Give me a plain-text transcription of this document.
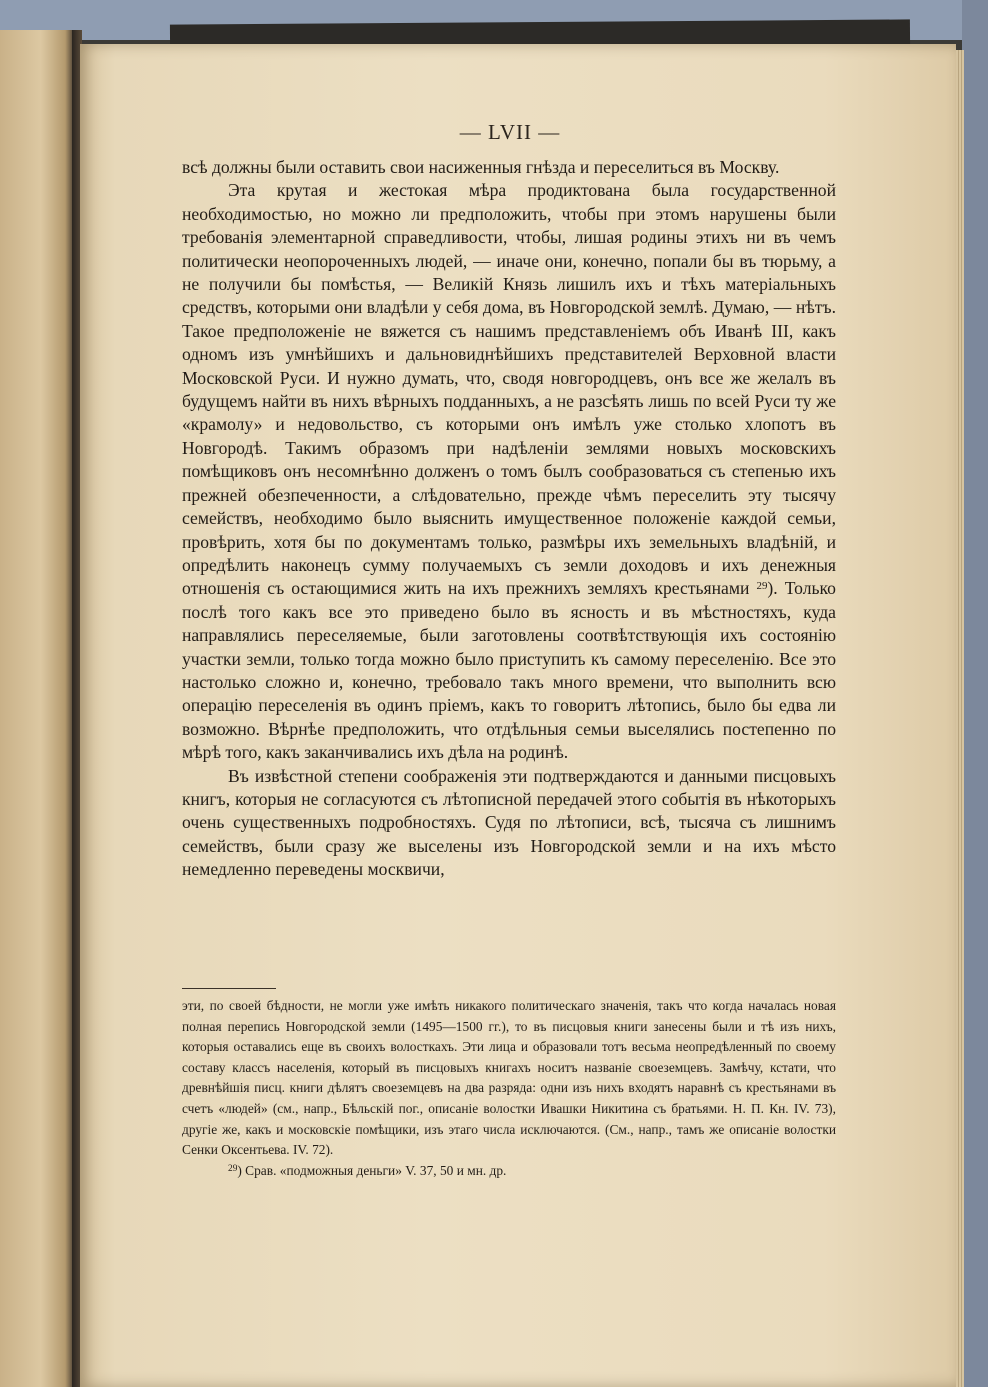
— LVII —

всѣ должны были оставить свои насиженныя гнѣзда и переселиться въ Москву.

Эта крутая и жестокая мѣра продиктована была государственной необходимостью, но можно ли предположить, чтобы при этомъ нарушены были требованія элементарной справедливости, чтобы, лишая родины этихъ ни въ чемъ политически неопороченныхъ людей, — иначе они, конечно, попали бы въ тюрьму, а не получили бы помѣстья, — Великій Князь лишилъ ихъ и тѣхъ матеріальныхъ средствъ, которыми они владѣли у себя дома, въ Новгородской землѣ. Думаю, — нѣтъ. Такое предположеніе не вяжется съ нашимъ представленіемъ объ Иванѣ III, какъ одномъ изъ умнѣйшихъ и дальновиднѣйшихъ представителей Верховной власти Московской Руси. И нужно думать, что, сводя новгородцевъ, онъ все же желалъ въ будущемъ найти въ нихъ вѣрныхъ подданныхъ, а не разсѣять лишь по всей Руси ту же «крамолу» и недовольство, съ которыми онъ имѣлъ уже столько хлопотъ въ Новгородѣ. Такимъ образомъ при надѣленіи землями новыхъ московскихъ помѣщиковъ онъ несомнѣнно долженъ о томъ былъ сообразоваться съ степенью ихъ прежней обезпеченности, а слѣдовательно, прежде чѣмъ переселить эту тысячу семействъ, необходимо было выяснить имущественное положеніе каждой семьи, провѣрить, хотя бы по документамъ только, размѣры ихъ земельныхъ владѣній, и опредѣлить наконецъ сумму получаемыхъ съ земли доходовъ и ихъ денежныя отношенія съ остающимися жить на ихъ прежнихъ земляхъ крестьянами $^{29}$). Только послѣ того какъ все это приведено было въ ясность и въ мѣстностяхъ, куда направлялись переселяемые, были заготовлены соотвѣтствующія ихъ состоянію участки земли, только тогда можно было приступить къ самому переселенію. Все это настолько сложно и, конечно, требовало такъ много времени, что выполнить всю операцію переселенія въ одинъ пріемъ, какъ то говоритъ лѣтопись, было бы едва ли возможно. Вѣрнѣе предположить, что отдѣльныя семьи выселялись постепенно по мѣрѣ того, какъ заканчивались ихъ дѣла на родинѣ.

Въ извѣстной степени соображенія эти подтверждаются и данными писцовыхъ книгъ, которыя не согласуются съ лѣтописной передачей этого событія въ нѣкоторыхъ очень существенныхъ подробностяхъ. Судя по лѣтописи, всѣ, тысяча съ лишнимъ семействъ, были сразу же выселены изъ Новгородской земли и на ихъ мѣсто немедленно переведены москвичи,

эти, по своей бѣдности, не могли уже имѣть никакого политическаго значенія, такъ что когда началась новая полная перепись Новгородской земли (1495—1500 гг.), то въ писцовыя книги занесены были и тѣ изъ нихъ, которыя оставались еще въ своихъ волосткахъ. Эти лица и образовали тотъ весьма неопредѣленный по своему составу классъ населенія, который въ писцовыхъ книгахъ носитъ названіе своеземцевъ. Замѣчу, кстати, что древнѣйшія писц. книги дѣлятъ своеземцевъ на два разряда: одни изъ нихъ входятъ наравнѣ съ крестьянами въ счетъ «людей» (см., напр., Бѣльскій пог., описаніе волостки Ивашки Никитина съ братьями. Н. П. Кн. IV. 73), другіе же, какъ и московскіе помѣщики, изъ этаго числа исключаются. (См., напр., тамъ же описаніе волостки Сенки Оксентьева. IV. 72).

$^{29}$) Срав. «подможныя деньги» V. 37, 50 и мн. др.
